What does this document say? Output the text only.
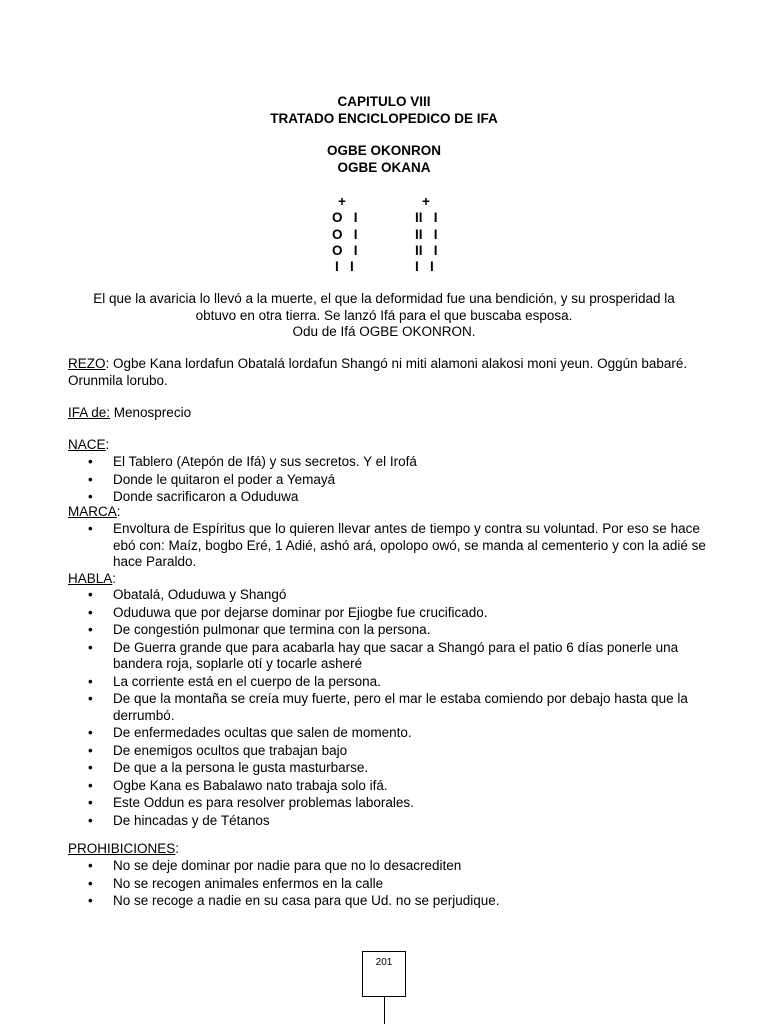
CAPITULO VIII
TRATADO ENCICLOPEDICO DE IFA
OGBE OKONRON
OGBE OKANA
+
O   I
O   I
O   I
I   I
+
II   I
II   I
II   I
I   I
El que la avaricia lo llevó a la muerte, el que la deformidad fue una bendición, y su prosperidad la
obtuvo en otra tierra. Se lanzó Ifá para el que buscaba esposa.
Odu de Ifá OGBE OKONRON.
REZO: Ogbe Kana lordafun Obatalá lordafun Shangó ni miti alamoni alakosi moni yeun. Oggún babaré. Orunmila lorubo.
IFA de: Menosprecio
NACE:
• El Tablero (Atepón de Ifá) y sus secretos. Y el Irofá
• Donde le quitaron el poder a Yemayá
• Donde sacrificaron a Oduduwa
MARCA:
• Envoltura de Espíritus que lo quieren llevar antes de tiempo y contra su voluntad. Por eso se hace ebó con: Maíz, bogbo Eré, 1 Adié, ashó ará, opolopo owó, se manda al cementerio y con la adié se hace Paraldo.
HABLA:
• Obatalá, Oduduwa y Shangó
• Oduduwa que por dejarse dominar por Ejiogbe fue crucificado.
• De congestión pulmonar que termina con la persona.
• De Guerra grande que para acabarla hay que sacar a Shangó para el patio 6 días ponerle una bandera roja, soplarle otí y tocarle asheré
• La corriente está en el cuerpo de la persona.
• De que la montaña se creía muy fuerte, pero el mar le estaba comiendo por debajo hasta que la derrumbó.
• De enfermedades ocultas que salen de momento.
• De enemigos ocultos que trabajan bajo
• De que a la persona le gusta masturbarse.
• Ogbe Kana es Babalawo nato trabaja solo ifá.
• Este Oddun es para resolver problemas laborales.
• De hincadas y de Tétanos
PROHIBICIONES:
• No se deje dominar por nadie para que no lo desacrediten
• No se recogen animales enfermos en la calle
• No se recoge a nadie en su casa para que Ud. no se perjudique.
201
